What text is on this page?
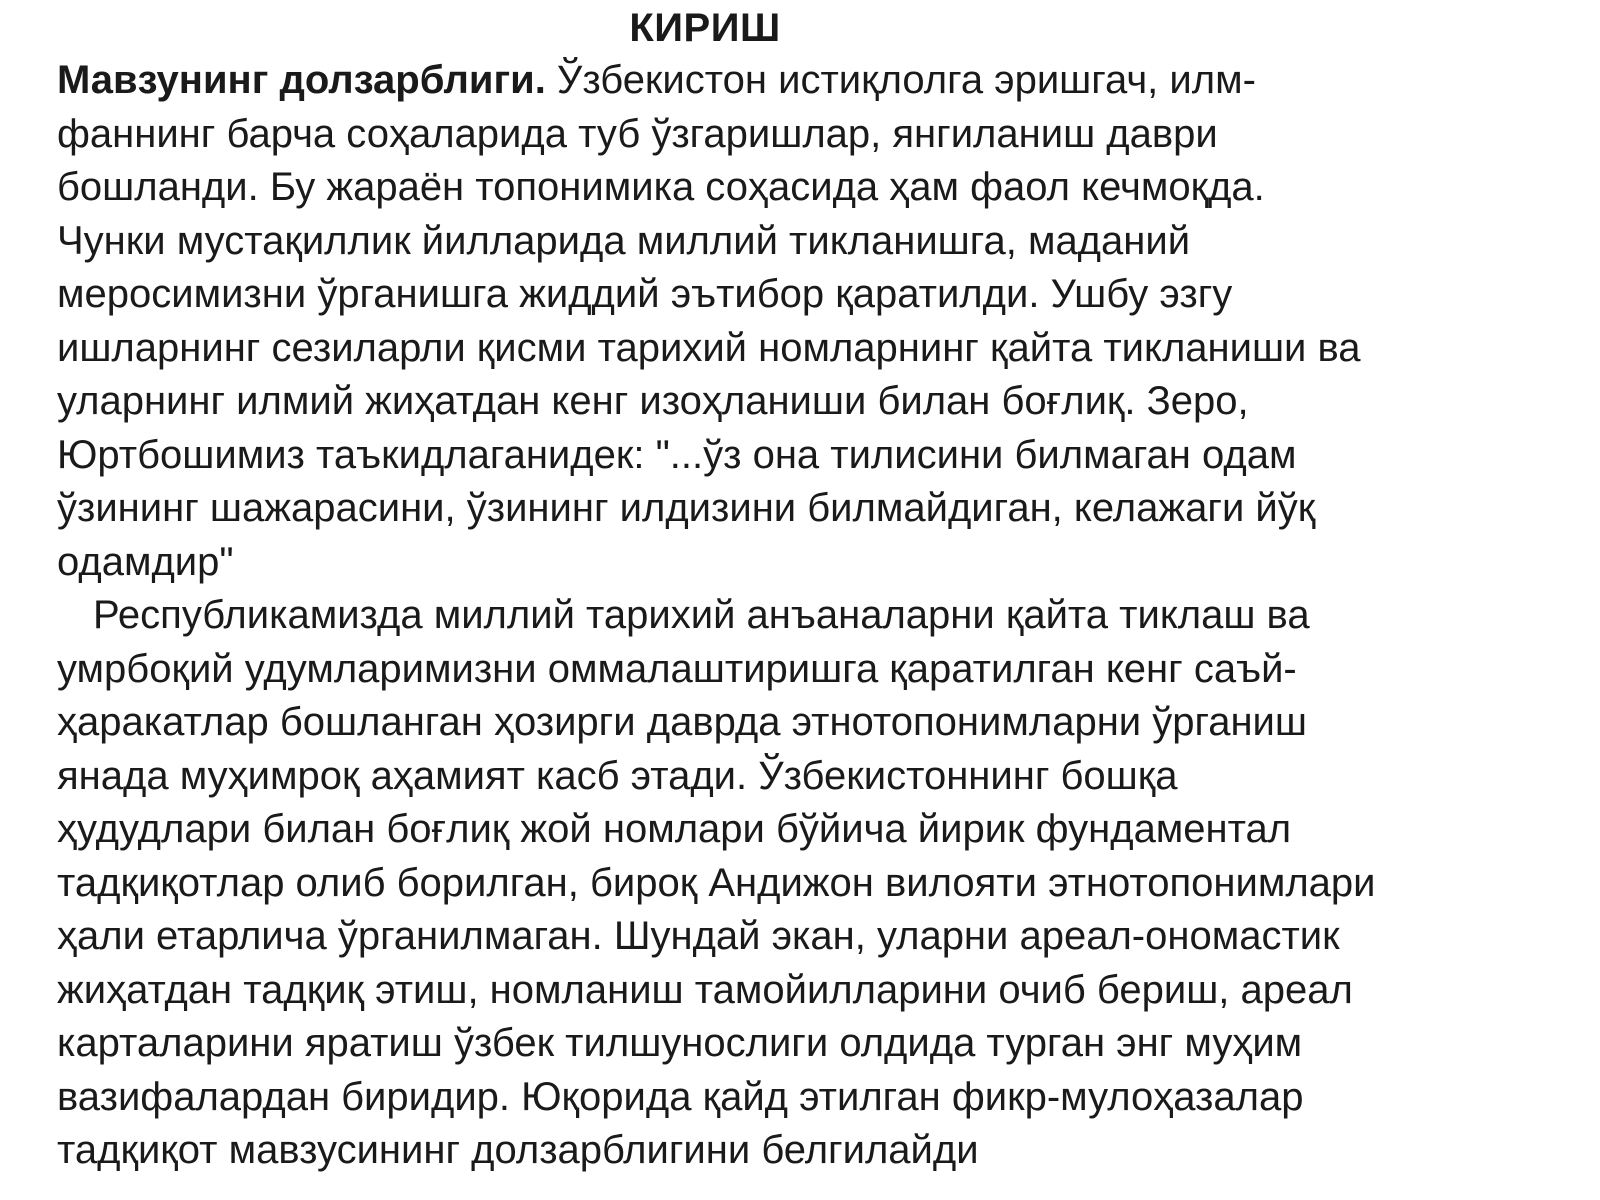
КИРИШ
Мавзунинг долзарблиги. Ўзбекистон истиқлолга эришгач, илм-
фаннинг барча соҳаларида туб ўзгаришлар, янгиланиш даври
бошланди. Бу жараён топонимика соҳасида ҳам фаол кечмоқда.
Чунки мустақиллик йилларида миллий тикланишга, маданий
меросимизни ўрганишга жиддий эътибор қаратилди. Ушбу эзгу
ишларнинг сезиларли қисми тарихий номларнинг қайта тикланиши ва
уларнинг илмий жиҳатдан кенг изоҳланиши билан боғлиқ. Зеро,
Юртбошимиз таъкидлаганидек: "...ўз она тилисини билмаган одам
ўзининг шажарасини, ўзининг илдизини билмайдиган, келажаги йўқ
одамдир"
Республикамизда миллий тарихий анъаналарни қайта тиклаш ва
умрбоқий удумларимизни оммалаштиришга қаратилган кенг саъй-
ҳаракатлар бошланган ҳозирги даврда этнотопонимларни ўрганиш
янада муҳимроқ аҳамият касб этади. Ўзбекистоннинг бошқа
ҳудудлари билан боғлиқ жой номлари бўйича йирик фундаментал
тадқиқотлар олиб борилган, бироқ Андижон вилояти этнотопонимлари
ҳали етарлича ўрганилмаган. Шундай экан, уларни ареал-ономастик
жиҳатдан тадқиқ этиш, номланиш тамойилларини очиб бериш, ареал
карталарини яратиш ўзбек тилшунослиги олдида турган энг муҳим
вазифалардан биридир. Юқорида қайд этилган фикр-мулоҳазалар
тадқиқот мавзусининг долзарблигини белгилайди
